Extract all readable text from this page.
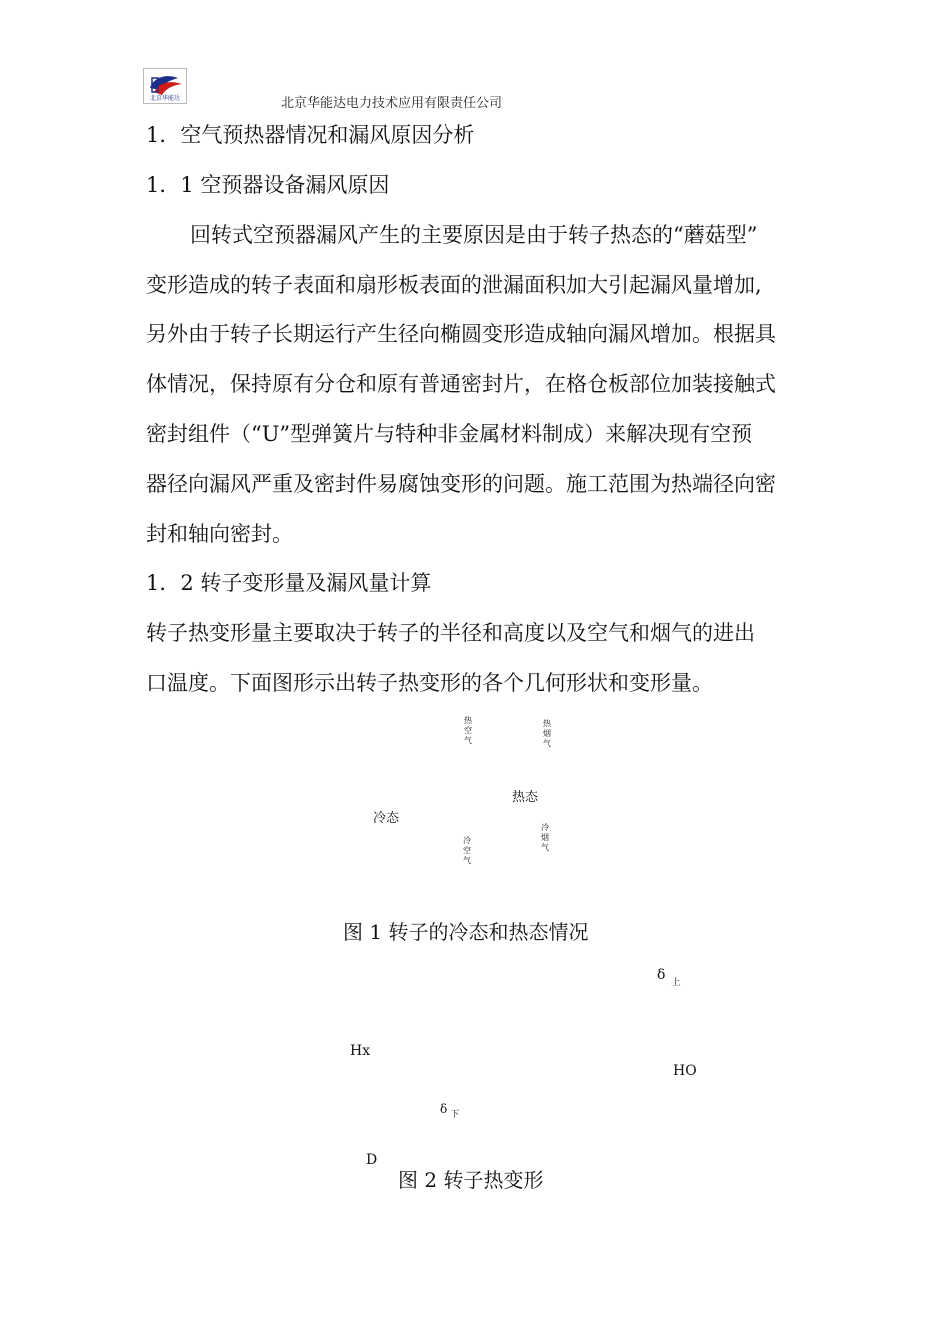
北京华能达	北京华能达电力技术应用有限责任公司
1．空气预热器情况和漏风原因分析
1．1 空预器设备漏风原因
回转式空预器漏风产生的主要原因是由于转子热态的“蘑菇型”
变形造成的转子表面和扇形板表面的泄漏面积加大引起漏风量增加,
另外由于转子长期运行产生径向椭圆变形造成轴向漏风增加。根据具
体情况，保持原有分仓和原有普通密封片，在格仓板部位加装接触式
密封组件（“U”型弹簧片与特种非金属材料制成）来解决现有空预
器径向漏风严重及密封件易腐蚀变形的问题。施工范围为热端径向密
封和轴向密封。
1．2 转子变形量及漏风量计算
转子热变形量主要取决于转子的半径和高度以及空气和烟气的进出
口温度。下面图形示出转子热变形的各个几何形状和变形量。
热空气
热烟气
热态
冷态
冷烟气
冷空气
图 1 转子的冷态和热态情况
δ $_上$
Hx
HO
δ $_下$
D
图 2 转子热变形
